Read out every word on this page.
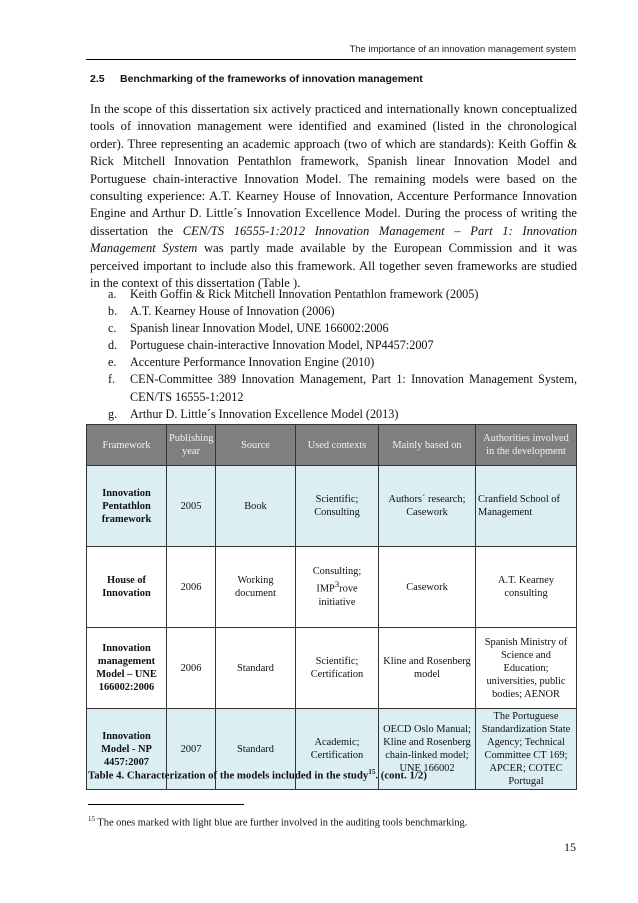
The importance of an innovation management system
2.5 Benchmarking of the frameworks of innovation management

In the scope of this dissertation six actively practiced and internationally known conceptualized tools of innovation management were identified and examined (listed in the chronological order). Three representing an academic approach (two of which are standards): Keith Goffin & Rick Mitchell Innovation Pentathlon framework, Spanish linear Innovation Model and Portuguese chain-interactive Innovation Model. The remaining models were based on the consulting experience: A.T. Kearney House of Innovation, Accenture Performance Innovation Engine and Arthur D. Little´s Innovation Excellence Model. During the process of writing the dissertation the CEN/TS 16555-1:2012 Innovation Management – Part 1: Innovation Management System was partly made available by the European Commission and it was perceived important to include also this framework. All together seven frameworks are studied in the context of this dissertation (Table ).

a.	Keith Goffin & Rick Mitchell Innovation Pentathlon framework (2005)
b.	A.T. Kearney House of Innovation (2006)
c.	Spanish linear Innovation Model, UNE 166002:2006
d.	Portuguese chain-interactive Innovation Model, NP4457:2007
e.	Accenture Performance Innovation Engine (2010)
f.	CEN-Committee 389 Innovation Management, Part 1: Innovation Management System, CEN/TS 16555-1:2012
g.	Arthur D. Little´s Innovation Excellence Model (2013)
Framework	Publishing year	Source	Used contexts	Mainly based on	Authorities involved in the development
Innovation Pentathlon framework	2005	Book	Scientific; Consulting	Authors´ research; Casework	Cranfield School of Management
House of Innovation	2006	Working document	Consulting; IMP$^3$rove initiative	Casework	A.T. Kearney consulting
Innovation management Model – UNE 166002:2006	2006	Standard	Scientific; Certification	Kline and Rosenberg model	Spanish Ministry of Science and Education; universities, public bodies; AENOR
Innovation Model - NP 4457:2007	2007	Standard	Academic; Certification	OECD Oslo Manual; Kline and Rosenberg chain-linked model; UNE 166002	The Portuguese Standardization State Agency; Technical Committee CT 169; APCER; COTEC Portugal
Table 4. Characterization of the models included in the study$^{15}$. (cont. 1/2)
$^{15}$ The ones marked with light blue are further involved in the auditing tools benchmarking.
15
